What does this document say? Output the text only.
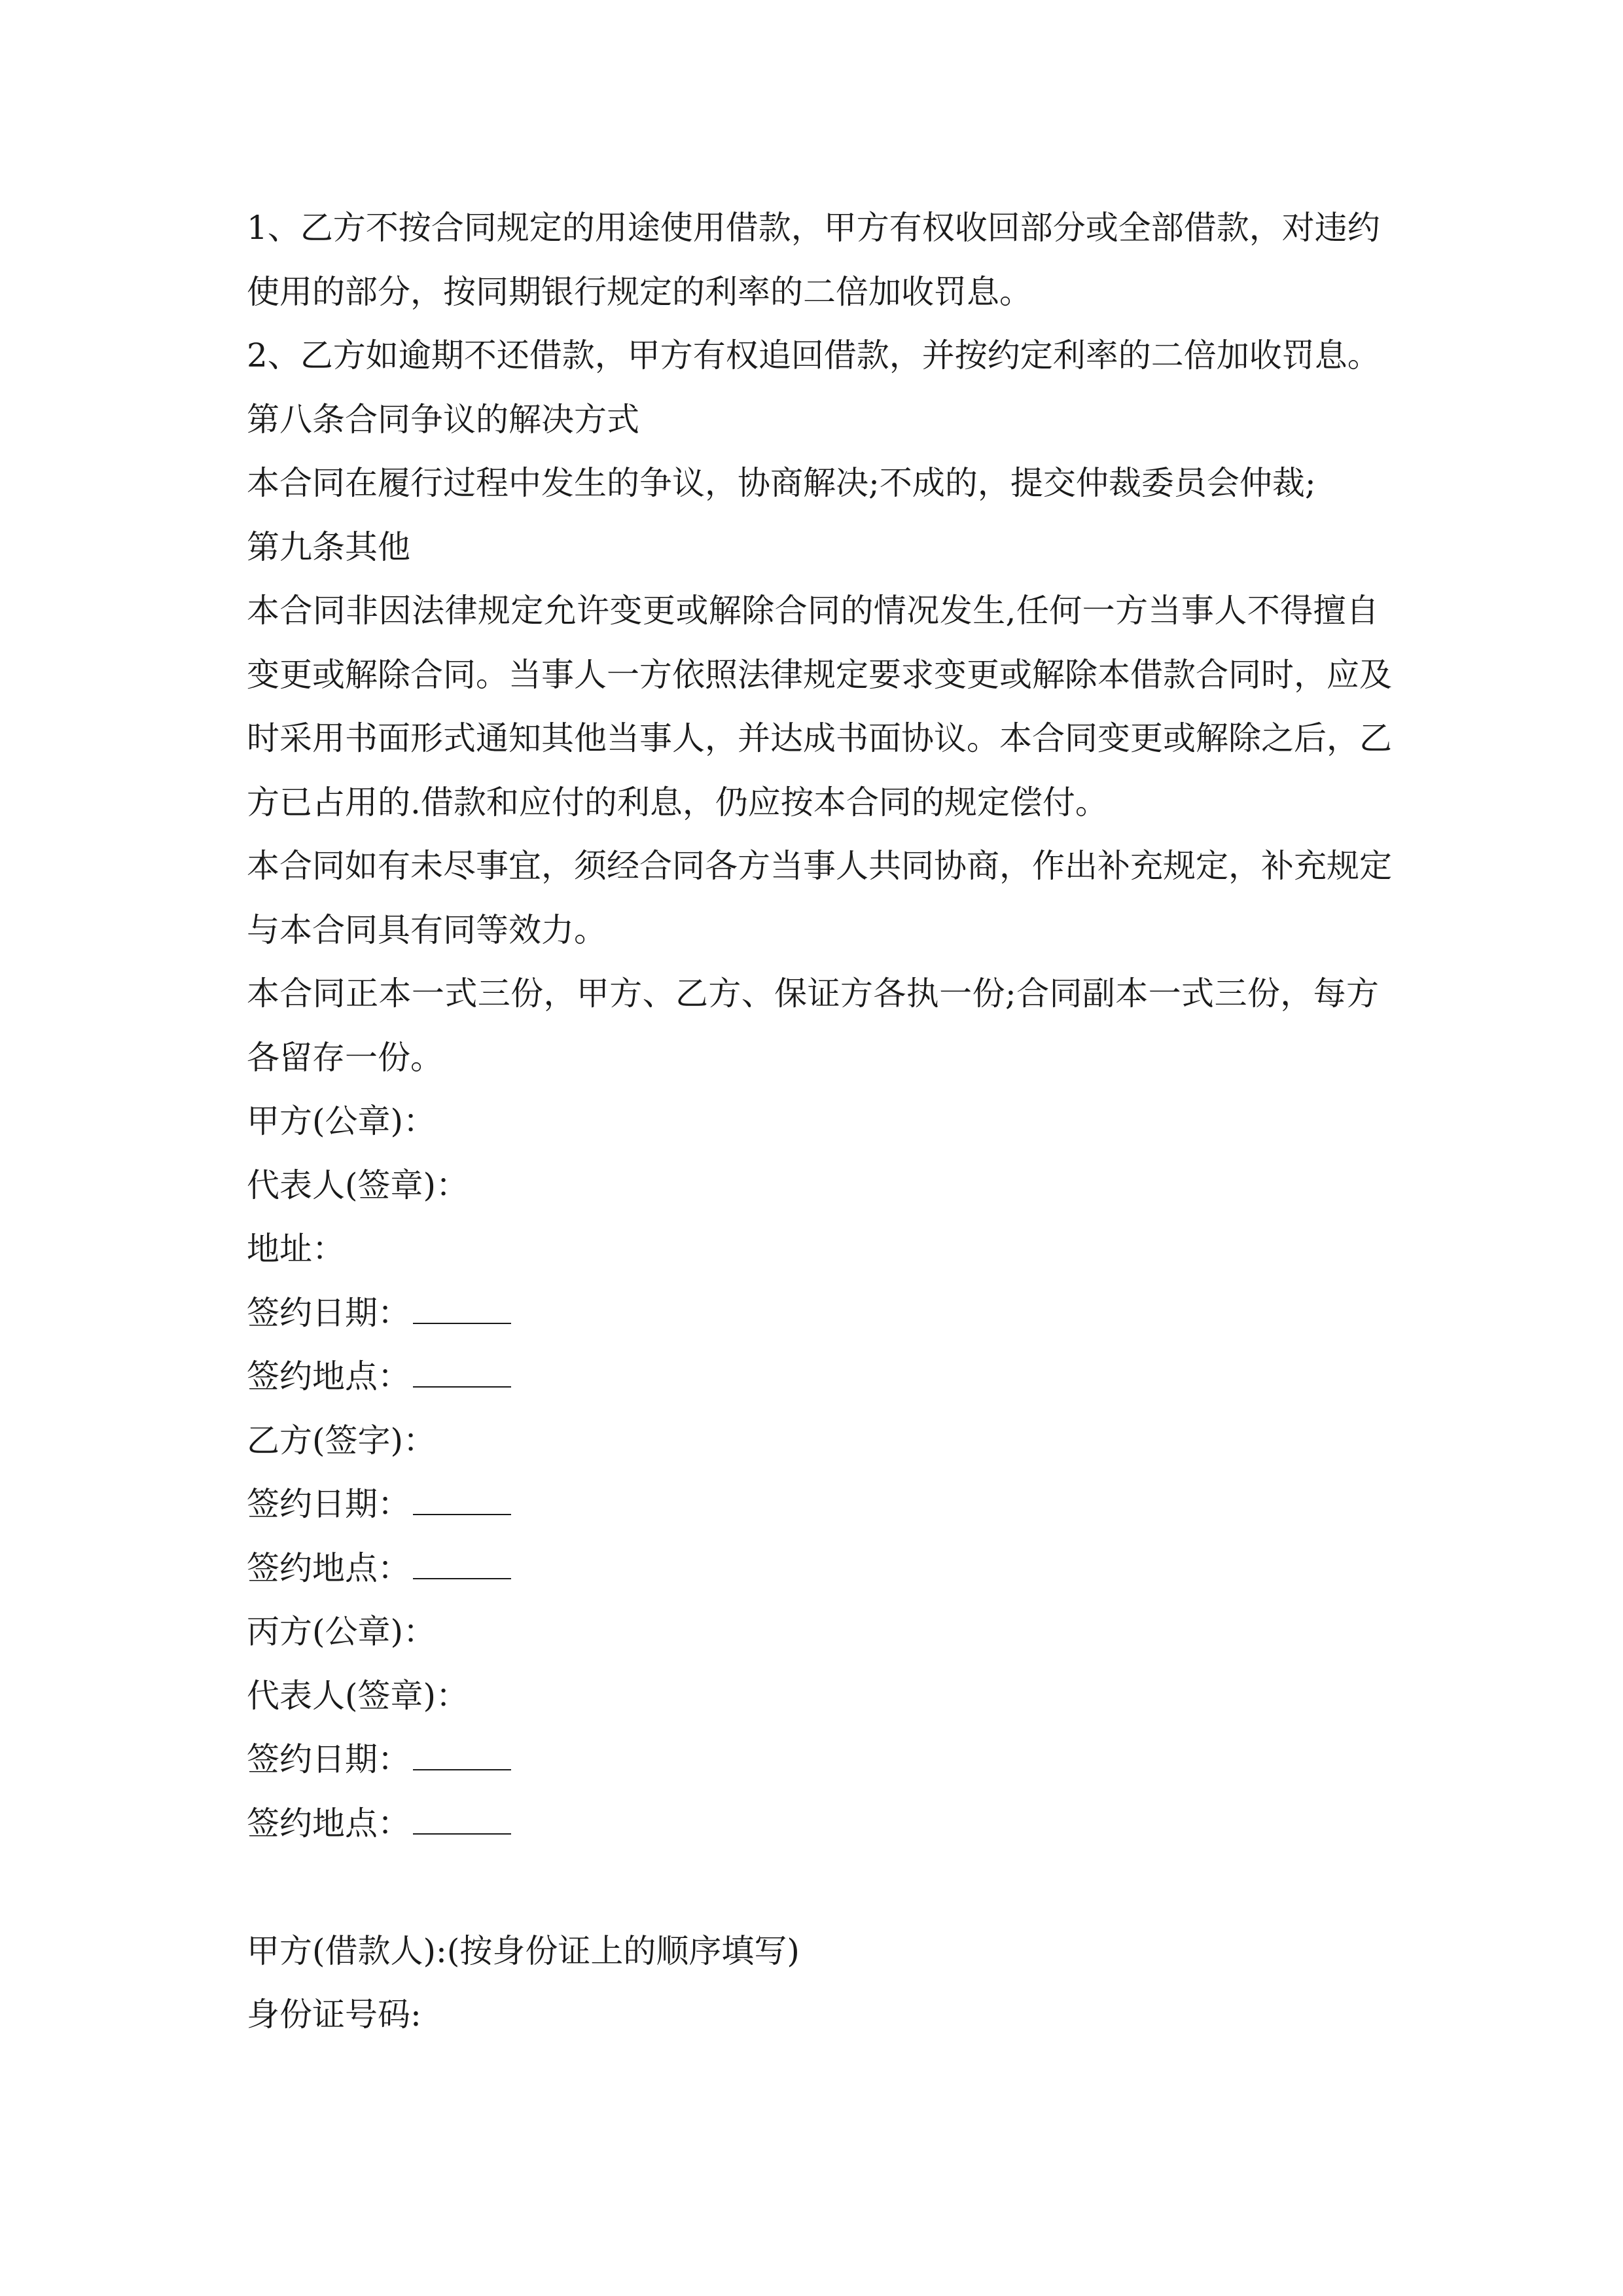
1、乙方不按合同规定的用途使用借款，甲方有权收回部分或全部借款，对违约
使用的部分，按同期银行规定的利率的二倍加收罚息。
2、乙方如逾期不还借款，甲方有权追回借款，并按约定利率的二倍加收罚息。
第八条合同争议的解决方式
本合同在履行过程中发生的争议，协商解决;不成的，提交仲裁委员会仲裁;
第九条其他
本合同非因法律规定允许变更或解除合同的情况发生,任何一方当事人不得擅自
变更或解除合同。当事人一方依照法律规定要求变更或解除本借款合同时，应及
时采用书面形式通知其他当事人，并达成书面协议。本合同变更或解除之后，乙
方已占用的.借款和应付的利息，仍应按本合同的规定偿付。
本合同如有未尽事宜，须经合同各方当事人共同协商，作出补充规定，补充规定
与本合同具有同等效力。
本合同正本一式三份，甲方、乙方、保证方各执一份;合同副本一式三份，每方
各留存一份。
甲方(公章)：
代表人(签章)：
地址：
签约日期：
签约地点：
乙方(签字)：
签约日期：
签约地点：
丙方(公章)：
代表人(签章)：
签约日期：
签约地点：
甲方(借款人):(按身份证上的顺序填写)
身份证号码:
